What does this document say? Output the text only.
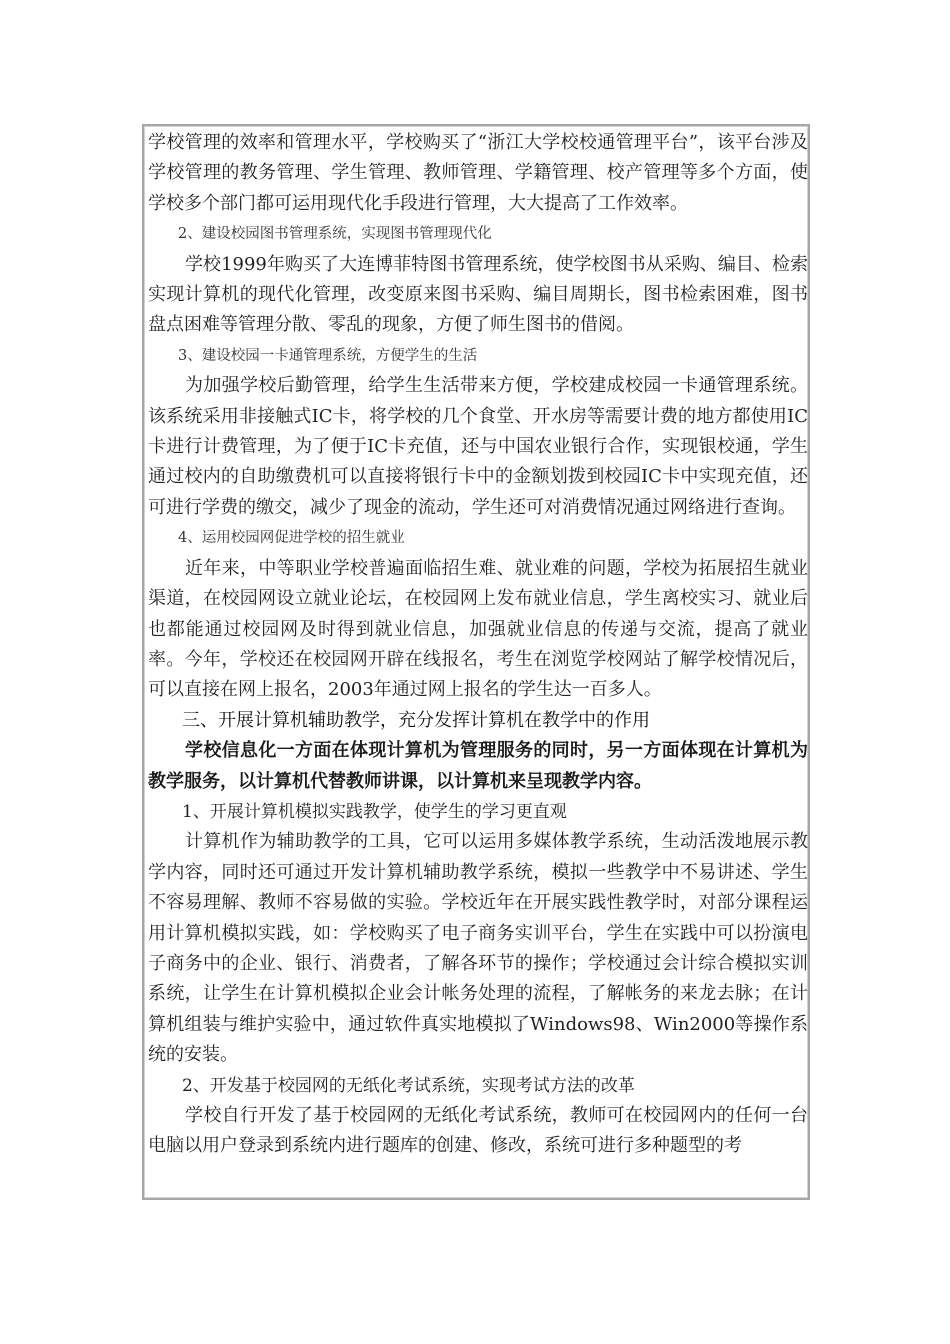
学校管理的效率和管理水平，学校购买了“浙江大学校校通管理平台”，该平台涉及学校管理的教务管理、学生管理、教师管理、学籍管理、校产管理等多个方面，使学校多个部门都可运用现代化手段进行管理，大大提高了工作效率。

2、建设校园图书管理系统，实现图书管理现代化

学校1999年购买了大连博菲特图书管理系统，使学校图书从采购、编目、检索实现计算机的现代化管理，改变原来图书采购、编目周期长，图书检索困难，图书盘点困难等管理分散、零乱的现象，方便了师生图书的借阅。

3、建设校园一卡通管理系统，方便学生的生活

为加强学校后勤管理，给学生生活带来方便，学校建成校园一卡通管理系统。该系统采用非接触式IC卡，将学校的几个食堂、开水房等需要计费的地方都使用IC卡进行计费管理，为了便于IC卡充值，还与中国农业银行合作，实现银校通，学生通过校内的自助缴费机可以直接将银行卡中的金额划拨到校园IC卡中实现充值，还可进行学费的缴交，减少了现金的流动，学生还可对消费情况通过网络进行查询。

4、运用校园网促进学校的招生就业

近年来，中等职业学校普遍面临招生难、就业难的问题，学校为拓展招生就业渠道，在校园网设立就业论坛，在校园网上发布就业信息，学生离校实习、就业后也都能通过校园网及时得到就业信息，加强就业信息的传递与交流，提高了就业率。今年，学校还在校园网开辟在线报名，考生在浏览学校网站了解学校情况后，可以直接在网上报名，2003年通过网上报名的学生达一百多人。

三、开展计算机辅助教学，充分发挥计算机在教学中的作用

学校信息化一方面在体现计算机为管理服务的同时，另一方面体现在计算机为教学服务，以计算机代替教师讲课，以计算机来呈现教学内容。

1、开展计算机模拟实践教学，使学生的学习更直观

计算机作为辅助教学的工具，它可以运用多媒体教学系统，生动活泼地展示教学内容，同时还可通过开发计算机辅助教学系统，模拟一些教学中不易讲述、学生不容易理解、教师不容易做的实验。学校近年在开展实践性教学时，对部分课程运用计算机模拟实践，如：学校购买了电子商务实训平台，学生在实践中可以扮演电子商务中的企业、银行、消费者，了解各环节的操作；学校通过会计综合模拟实训系统，让学生在计算机模拟企业会计帐务处理的流程，了解帐务的来龙去脉；在计算机组装与维护实验中，通过软件真实地模拟了Windows98、Win2000等操作系统的安装。

2、开发基于校园网的无纸化考试系统，实现考试方法的改革

学校自行开发了基于校园网的无纸化考试系统，教师可在校园网内的任何一台电脑以用户登录到系统内进行题库的创建、修改，系统可进行多种题型的考
